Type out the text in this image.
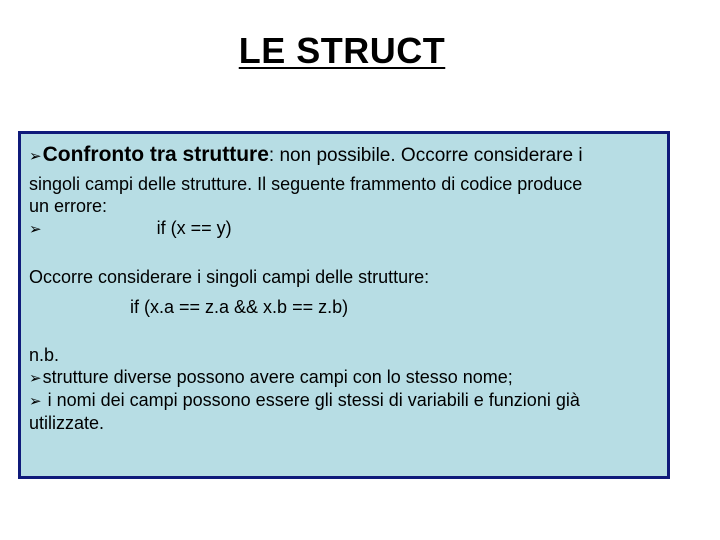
LE STRUCT
➢Confronto tra strutture: non possibile. Occorre considerare i
singoli campi delle strutture. Il seguente frammento di codice produce
un errore:
➢	if (x == y)
Occorre considerare i singoli campi delle strutture:
if (x.a == z.a && x.b == z.b)
n.b.
➢strutture diverse possono avere campi con lo stesso nome;
➢ i nomi dei campi possono essere gli stessi di variabili e funzioni già
utilizzate.
